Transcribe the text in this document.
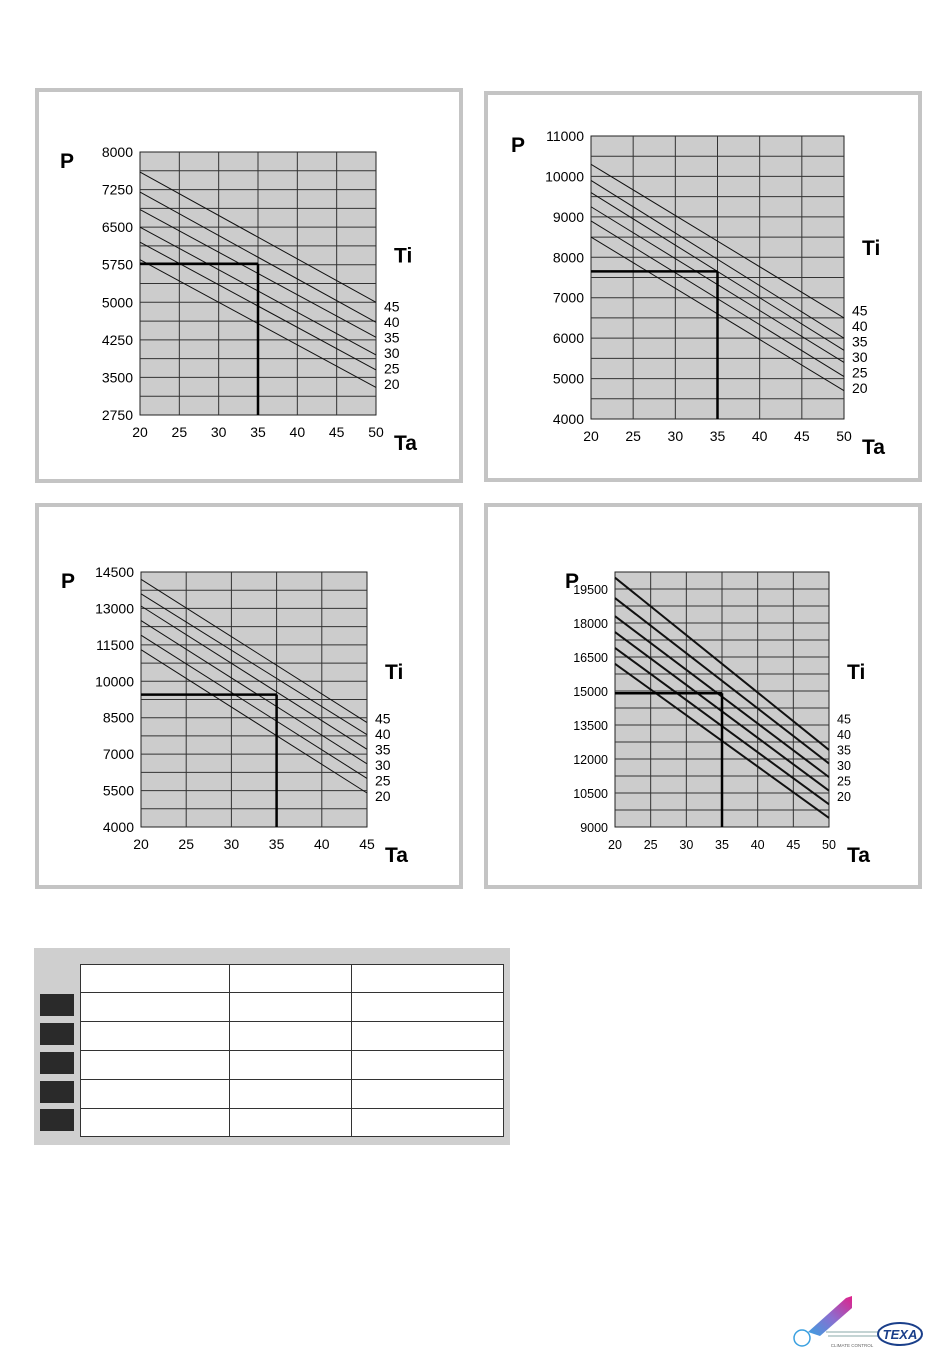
45
40
35
30
25
20
2750
3500
4250
5000
5750
6500
7250
8000
20 25 30 35 40 45 50
P
Ta
Ti
45
40
35
30
25
20
4000
5000
6000
7000
8000
9000
10000
11000
20 25 30 35 40 45 50
P
Ta
Ti
45
40
35
30
25
20
4000
5500
7000
8500
10000
11500
13000
14500
20 25 30 35 40 45
P
Ta
Ti
45
40
35
30
25
20
9000
10500
12000
13500
15000
16500
18000
19500
20 25 30 35 40 45 50
P
Ta
Ti

TEXA
CLIMATE CONTROL
